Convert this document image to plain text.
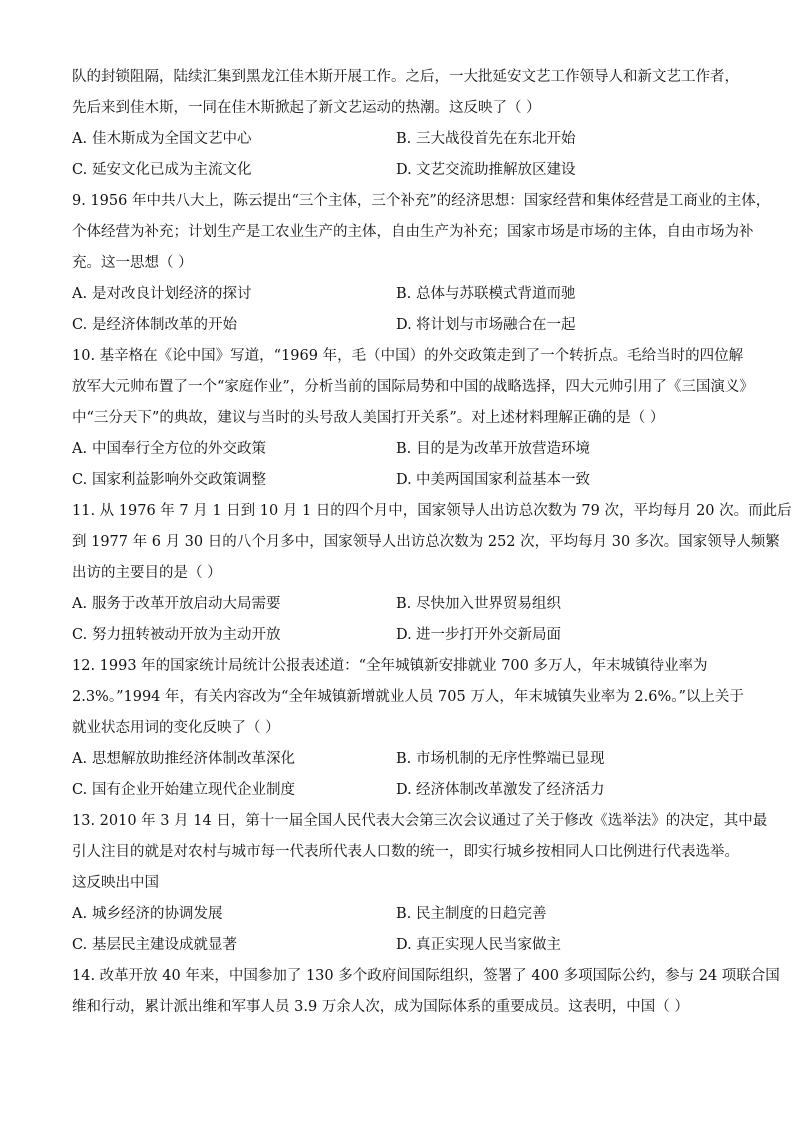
队的封锁阻隔，陆续汇集到黑龙江佳木斯开展工作。之后，一大批延安文艺工作领导人和新文艺工作者，
先后来到佳木斯，一同在佳木斯掀起了新文艺运动的热潮。这反映了（ ）
A. 佳木斯成为全国文艺中心	B. 三大战役首先在东北开始
C. 延安文化已成为主流文化	D. 文艺交流助推解放区建设
9. 1956 年中共八大上，陈云提出“三个主体，三个补充”的经济思想：国家经营和集体经营是工商业的主体，
个体经营为补充；计划生产是工农业生产的主体，自由生产为补充；国家市场是市场的主体，自由市场为补
充。这一思想（ ）
A. 是对改良计划经济的探讨	B. 总体与苏联模式背道而驰
C. 是经济体制改革的开始	D. 将计划与市场融合在一起
10. 基辛格在《论中国》写道，“1969 年，毛（中国）的外交政策走到了一个转折点。毛给当时的四位解
放军大元帅布置了一个“家庭作业”，分析当前的国际局势和中国的战略选择，四大元帅引用了《三国演义》
中“三分天下”的典故，建议与当时的头号敌人美国打开关系”。对上述材料理解正确的是（ ）
A. 中国奉行全方位的外交政策	B. 目的是为改革开放营造环境
C. 国家利益影响外交政策调整	D. 中美两国国家利益基本一致
11. 从 1976 年 7 月 1 日到 10 月 1 日的四个月中，国家领导人出访总次数为 79 次，平均每月 20 次。而此后
到 1977 年 6 月 30 日的八个月多中，国家领导人出访总次数为 252 次，平均每月 30 多次。国家领导人频繁
出访的主要目的是（ ）
A. 服务于改革开放启动大局需要	B. 尽快加入世界贸易组织
C. 努力扭转被动开放为主动开放	D. 进一步打开外交新局面
12. 1993 年的国家统计局统计公报表述道：“全年城镇新安排就业 700 多万人，年末城镇待业率为
2.3%。”1994 年，有关内容改为“全年城镇新增就业人员 705 万人，年末城镇失业率为 2.6%。”以上关于
就业状态用词的变化反映了（ ）
A. 思想解放助推经济体制改革深化	B. 市场机制的无序性弊端已显现
C. 国有企业开始建立现代企业制度	D. 经济体制改革激发了经济活力
13. 2010 年 3 月 14 日，第十一届全国人民代表大会第三次会议通过了关于修改《选举法》的决定，其中最
引人注目的就是对农村与城市每一代表所代表人口数的统一，即实行城乡按相同人口比例进行代表选举。
这反映出中国
A. 城乡经济的协调发展	B. 民主制度的日趋完善
C. 基层民主建设成就显著	D. 真正实现人民当家做主
14. 改革开放 40 年来，中国参加了 130 多个政府间国际组织，签署了 400 多项国际公约，参与 24 项联合国
维和行动，累计派出维和军事人员 3.9 万余人次，成为国际体系的重要成员。这表明，中国（ ）
